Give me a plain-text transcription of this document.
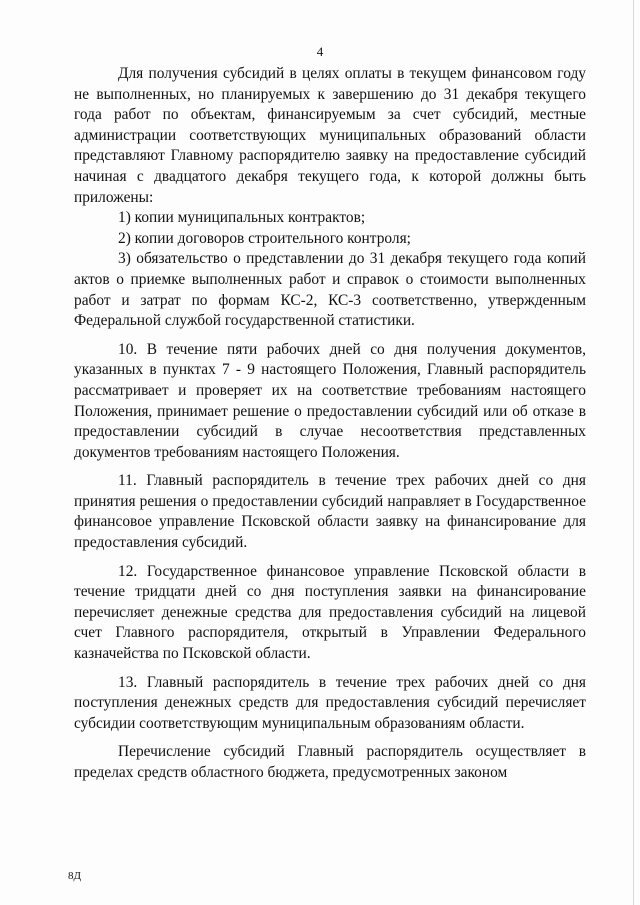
4

Для получения субсидий в целях оплаты в текущем финансовом году не выполненных, но планируемых к завершению до 31 декабря текущего года работ по объектам, финансируемым за счет субсидий, местные администрации соответствующих муниципальных образований области представляют Главному распорядителю заявку на предоставление субсидий начиная с двадцатого декабря текущего года, к которой должны быть приложены:

1) копии муниципальных контрактов;

2) копии договоров строительного контроля;

3) обязательство о представлении до 31 декабря текущего года копий актов о приемке выполненных работ и справок о стоимости выполненных работ и затрат по формам КС-2, КС-3 соответственно, утвержденным Федеральной службой государственной статистики.

10. В течение пяти рабочих дней со дня получения документов, указанных в пунктах 7 - 9 настоящего Положения, Главный распорядитель рассматривает и проверяет их на соответствие требованиям настоящего Положения, принимает решение о предоставлении субсидий или об отказе в предоставлении субсидий в случае несоответствия представленных документов требованиям настоящего Положения.

11. Главный распорядитель в течение трех рабочих дней со дня принятия решения о предоставлении субсидий направляет в Государственное финансовое управление Псковской области заявку на финансирование для предоставления субсидий.

12. Государственное финансовое управление Псковской области в течение тридцати дней со дня поступления заявки на финансирование перечисляет денежные средства для предоставления субсидий на лицевой счет Главного распорядителя, открытый в Управлении Федерального казначейства по Псковской области.

13. Главный распорядитель в течение трех рабочих дней со дня поступления денежных средств для предоставления субсидий перечисляет субсидии соответствующим муниципальным образованиям области.

Перечисление субсидий Главный распорядитель осуществляет в пределах средств областного бюджета, предусмотренных законом

8Д
